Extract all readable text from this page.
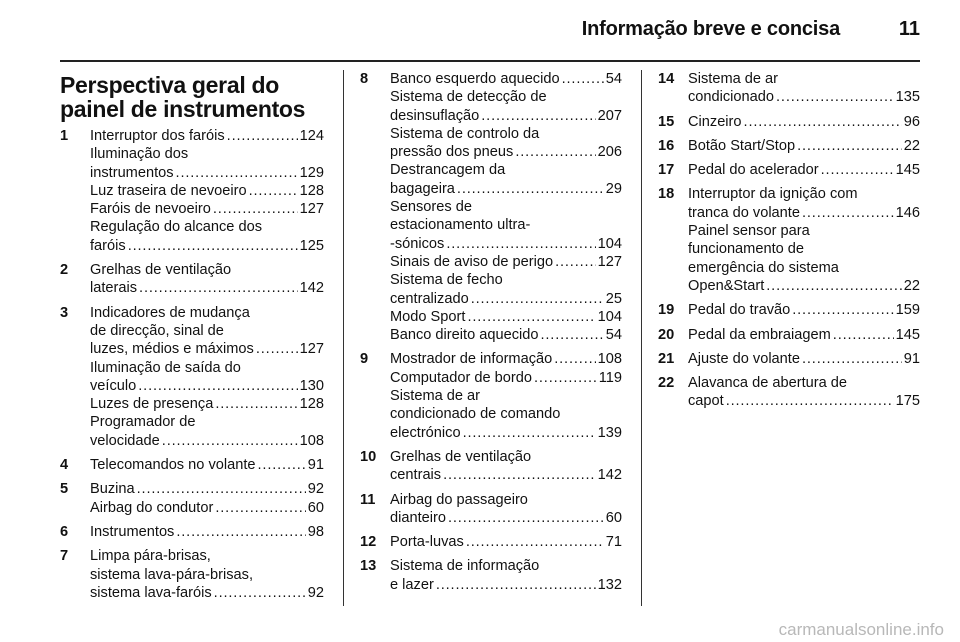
Informação breve e concisa	11
Perspectiva geral do painel de instrumentos
1	Interruptor dos faróis . . .	124
Iluminação dos
instrumentos . . .	129
Luz traseira de nevoeiro . . .	128
Faróis de nevoeiro . . .	127
Regulação do alcance dos
faróis . . .	125
2	Grelhas de ventilação
laterais . . .	142
3	Indicadores de mudança
de direcção, sinal de
luzes, médios e máximos . . .	127
Iluminação de saída do
veículo . . .	130
Luzes de presença . . .	128
Programador de
velocidade . . .	108
4	Telecomandos no volante . . .	91
5	Buzina . . .	92
Airbag do condutor . . .	60
6	Instrumentos . . .	98
7	Limpa pára-brisas,
sistema lava-pára-brisas,
sistema lava-faróis . . .	92
8	Banco esquerdo aquecido . . .	54
Sistema de detecção de
desinsuflação . . .	207
Sistema de controlo da
pressão dos pneus . . .	206
Destrancagem da
bagageira . . .	29
Sensores de
estacionamento ultra-
-sónicos . . .	104
Sinais de aviso de perigo . . .	127
Sistema de fecho
centralizado . . .	25
Modo Sport . . .	104
Banco direito aquecido . . .	54
9	Mostrador de informação . . .	108
Computador de bordo . . .	119
Sistema de ar
condicionado de comando
electrónico . . .	139
10 Grelhas de ventilação
centrais . . .	142
11 Airbag do passageiro
dianteiro . . .	60
12 Porta-luvas . . .	71
13 Sistema de informação
e lazer . . .	132
14 Sistema de ar
condicionado . . .	135
15 Cinzeiro . . .	96
16 Botão Start/Stop . . .	22
17 Pedal do acelerador . . .	145
18 Interruptor da ignição com
tranca do volante . . .	146
Painel sensor para
funcionamento de
emergência do sistema
Open&Start . . .	22
19 Pedal do travão . . .	159
20 Pedal da embraiagem . . .	145
21 Ajuste do volante . . .	91
22 Alavanca de abertura de
capot . . .	175
carmanualsonline.info
